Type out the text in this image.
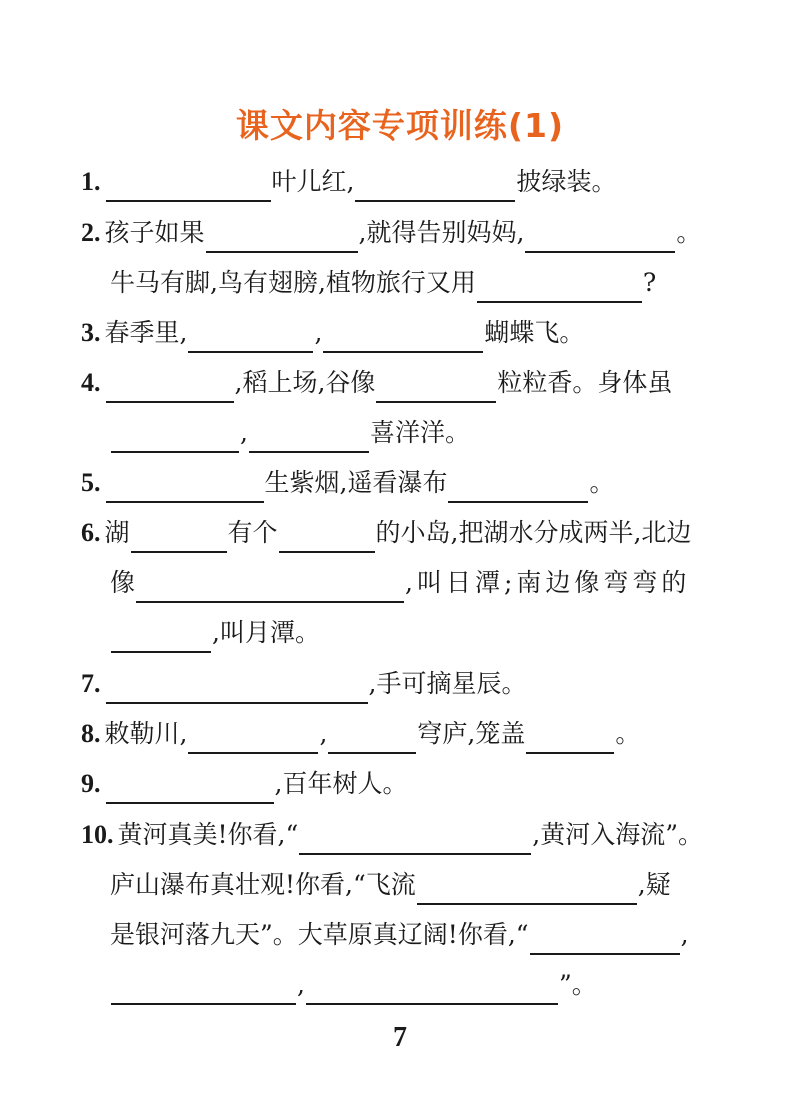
课文内容专项训练(1)
1.	叶儿红,	披绿装。
2. 孩子如果	,就得告别妈妈,	。
牛马有脚,鸟有翅膀,植物旅行又用	?
3. 春季里,	,	蝴蝶飞。
4.	,稻上场,谷像	粒粒香。身体虽
,	喜洋洋。
5.	生紫烟,遥看瀑布	。
6. 湖	有个	的小岛,把湖水分成两半,北边
像	,叫日潭;南边像弯弯的
,叫月潭。
7.	,手可摘星辰。
8. 敕勒川,	,	穹庐,笼盖	。
9.	,百年树人。
10. 黄河真美!你看,“	,黄河入海流”。
庐山瀑布真壮观!你看,“飞流	,疑
是银河落九天”。大草原真辽阔!你看,“	,
,	”。
7
